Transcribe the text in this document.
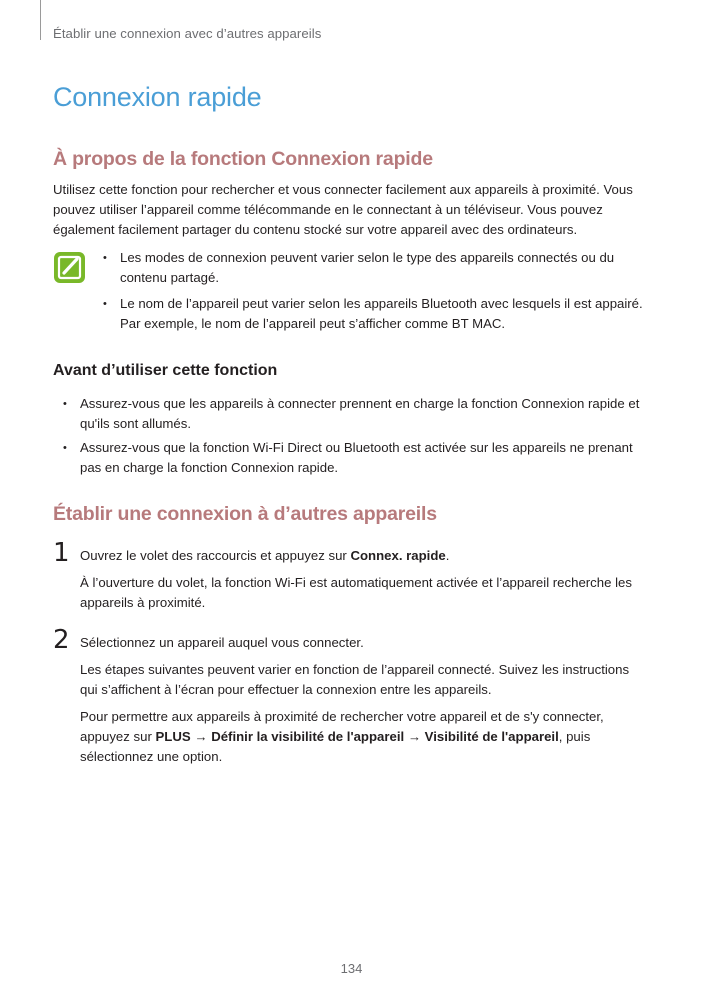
Établir une connexion avec d’autres appareils
Connexion rapide
À propos de la fonction Connexion rapide

Utilisez cette fonction pour rechercher et vous connecter facilement aux appareils à proximité. Vous
pouvez utiliser l’appareil comme télécommande en le connectant à un téléviseur. Vous pouvez
également facilement partager du contenu stocké sur votre appareil avec des ordinateurs.

• Les modes de connexion peuvent varier selon le type des appareils connectés ou du
contenu partagé.
• Le nom de l’appareil peut varier selon les appareils Bluetooth avec lesquels il est appairé.
Par exemple, le nom de l’appareil peut s’afficher comme BT MAC.
Avant d’utiliser cette fonction
• Assurez-vous que les appareils à connecter prennent en charge la fonction Connexion rapide et
qu'ils sont allumés.
• Assurez-vous que la fonction Wi-Fi Direct ou Bluetooth est activée sur les appareils ne prenant
pas en charge la fonction Connexion rapide.
Établir une connexion à d’autres appareils
1 Ouvrez le volet des raccourcis et appuyez sur Connex. rapide.

À l’ouverture du volet, la fonction Wi-Fi est automatiquement activée et l’appareil recherche les
appareils à proximité.

2 Sélectionnez un appareil auquel vous connecter.

Les étapes suivantes peuvent varier en fonction de l’appareil connecté. Suivez les instructions
qui s’affichent à l’écran pour effectuer la connexion entre les appareils.

Pour permettre aux appareils à proximité de rechercher votre appareil et de s'y connecter,
appuyez sur PLUS → Définir la visibilité de l'appareil → Visibilité de l'appareil, puis
sélectionnez une option.

134
